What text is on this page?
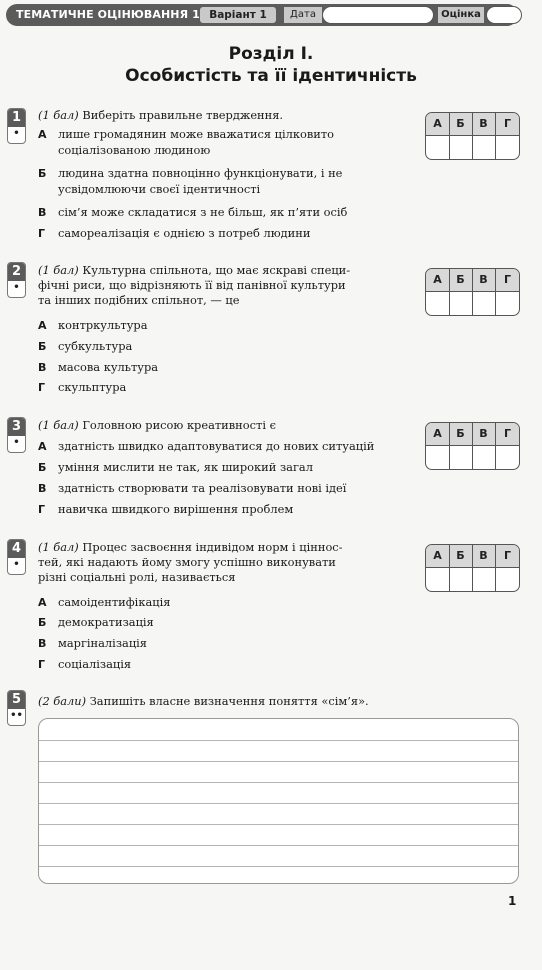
ТЕМАТИЧНЕ ОЦІНЮВАННЯ 1 Варіант 1	Дата	Оцінка
Розділ І.
Особистість та її ідентичність
1
•
(1 бал) Виберіть правильне твердження.
А лише громадянин може вважатися цілковито
соціалізованою людиною
Б людина здатна повноцінно функціонувати, і не
усвідомлюючи своєї ідентичності
В сім’я може складатися з не більш, як п’яти осіб
Г самореалізація є однією з потреб людини
А	Б	В	Г
2
•
(1 бал) Культурна спільнота, що має яскраві специ-
фічні риси, що відрізняють її від панівної культури
та інших подібних спільнот, — це
А контркультура
Б субкультура
В масова культура
Г скульптура
А	Б	В	Г
3
•
(1 бал) Головною рисою креативності є
А здатність швидко адаптовуватися до нових ситуацій
Б уміння мислити не так, як широкий загал
В здатність створювати та реалізовувати нові ідеї
Г навичка швидкого вирішення проблем
А	Б	В	Г
4
•
(1 бал) Процес засвоєння індивідом норм і ціннос-
тей, які надають йому змогу успішно виконувати
різні соціальні ролі, називається
А самоідентифікація
Б демократизація
В маргіналізація
Г соціалізація
А	Б	В	Г
5
••
(2 бали) Запишіть власне визначення поняття «сім’я».
1
